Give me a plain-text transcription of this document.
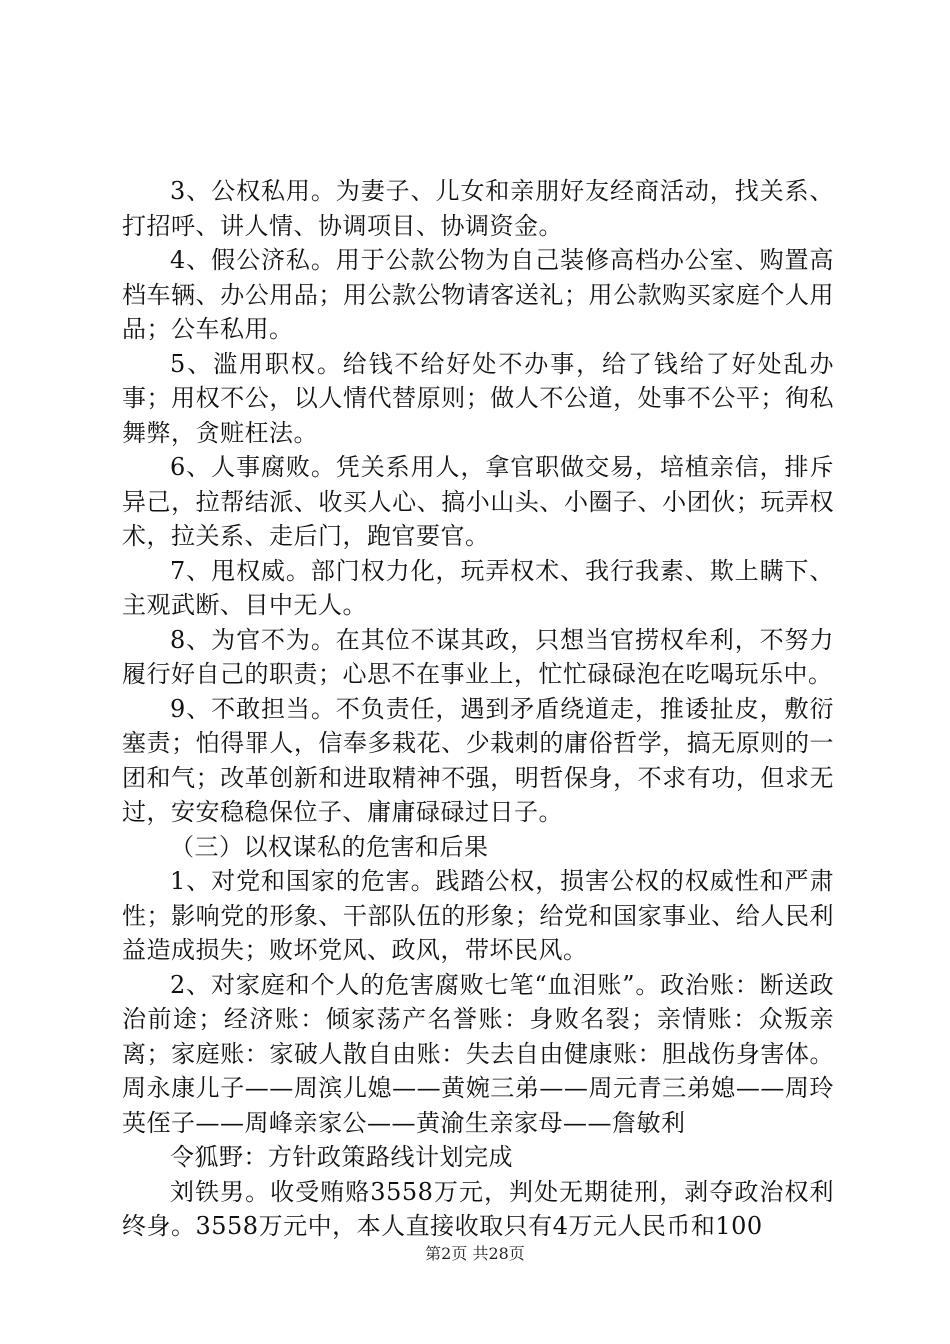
3、公权私用。为妻子、儿女和亲朋好友经商活动，找关系、打招呼、讲人情、协调项目、协调资金。

4、假公济私。用于公款公物为自己装修高档办公室、购置高档车辆、办公用品；用公款公物请客送礼；用公款购买家庭个人用品；公车私用。

5、滥用职权。给钱不给好处不办事，给了钱给了好处乱办事；用权不公，以人情代替原则；做人不公道，处事不公平；徇私舞弊，贪赃枉法。

6、人事腐败。凭关系用人，拿官职做交易，培植亲信，排斥异己，拉帮结派、收买人心、搞小山头、小圈子、小团伙；玩弄权术，拉关系、走后门，跑官要官。

7、甩权威。部门权力化，玩弄权术、我行我素、欺上瞒下、主观武断、目中无人。

8、为官不为。在其位不谋其政，只想当官捞权牟利，不努力履行好自己的职责；心思不在事业上，忙忙碌碌泡在吃喝玩乐中。

9、不敢担当。不负责任，遇到矛盾绕道走，推诿扯皮，敷衍塞责；怕得罪人，信奉多栽花、少栽刺的庸俗哲学，搞无原则的一团和气；改革创新和进取精神不强，明哲保身，不求有功，但求无过，安安稳稳保位子、庸庸碌碌过日子。

（三）以权谋私的危害和后果

1、对党和国家的危害。践踏公权，损害公权的权威性和严肃性；影响党的形象、干部队伍的形象；给党和国家事业、给人民利益造成损失；败坏党风、政风，带坏民风。

2、对家庭和个人的危害腐败七笔“血泪账”。政治账：断送政治前途；经济账：倾家荡产名誉账：身败名裂；亲情账：众叛亲离；家庭账：家破人散自由账：失去自由健康账：胆战伤身害体。周永康儿子——周滨儿媳——黄婉三弟——周元青三弟媳——周玲英侄子——周峰亲家公——黄渝生亲家母——詹敏利

令狐野：方针政策路线计划完成

刘铁男。收受贿赂3558万元，判处无期徒刑，剥夺政治权利终身。3558万元中，本人直接收取只有4万元人民币和100

第2页 共28页
